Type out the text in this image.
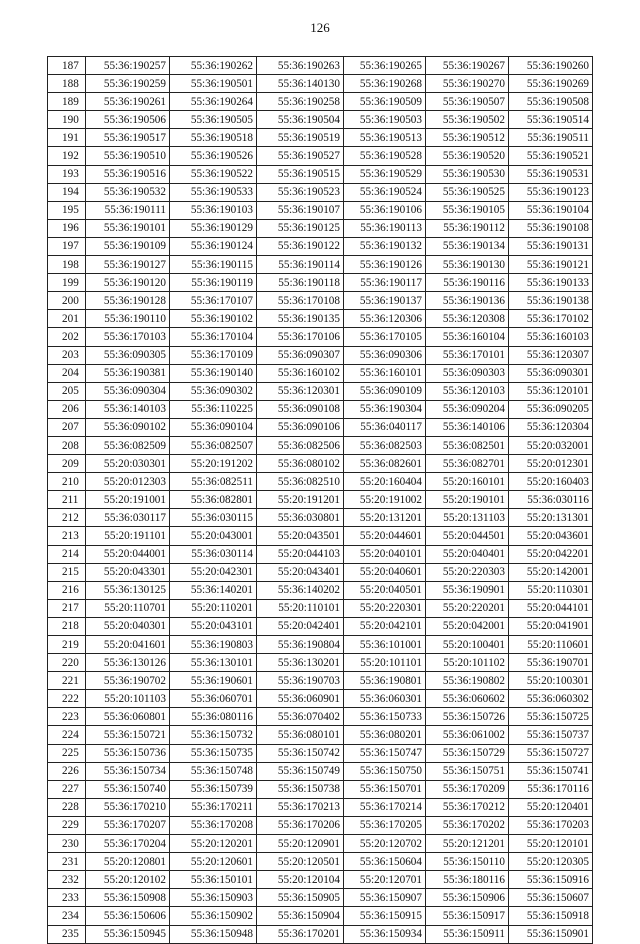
126
187	55:36:190257	55:36:190262	55:36:190263	55:36:190265	55:36:190267	55:36:190260
188	55:36:190259	55:36:190501	55:36:140130	55:36:190268	55:36:190270	55:36:190269
189	55:36:190261	55:36:190264	55:36:190258	55:36:190509	55:36:190507	55:36:190508
190	55:36:190506	55:36:190505	55:36:190504	55:36:190503	55:36:190502	55:36:190514
191	55:36:190517	55:36:190518	55:36:190519	55:36:190513	55:36:190512	55:36:190511
192	55:36:190510	55:36:190526	55:36:190527	55:36:190528	55:36:190520	55:36:190521
193	55:36:190516	55:36:190522	55:36:190515	55:36:190529	55:36:190530	55:36:190531
194	55:36:190532	55:36:190533	55:36:190523	55:36:190524	55:36:190525	55:36:190123
195	55:36:190111	55:36:190103	55:36:190107	55:36:190106	55:36:190105	55:36:190104
196	55:36:190101	55:36:190129	55:36:190125	55:36:190113	55:36:190112	55:36:190108
197	55:36:190109	55:36:190124	55:36:190122	55:36:190132	55:36:190134	55:36:190131
198	55:36:190127	55:36:190115	55:36:190114	55:36:190126	55:36:190130	55:36:190121
199	55:36:190120	55:36:190119	55:36:190118	55:36:190117	55:36:190116	55:36:190133
200	55:36:190128	55:36:170107	55:36:170108	55:36:190137	55:36:190136	55:36:190138
201	55:36:190110	55:36:190102	55:36:190135	55:36:120306	55:36:120308	55:36:170102
202	55:36:170103	55:36:170104	55:36:170106	55:36:170105	55:36:160104	55:36:160103
203	55:36:090305	55:36:170109	55:36:090307	55:36:090306	55:36:170101	55:36:120307
204	55:36:190381	55:36:190140	55:36:160102	55:36:160101	55:36:090303	55:36:090301
205	55:36:090304	55:36:090302	55:36:120301	55:36:090109	55:36:120103	55:36:120101
206	55:36:140103	55:36:110225	55:36:090108	55:36:190304	55:36:090204	55:36:090205
207	55:36:090102	55:36:090104	55:36:090106	55:36:040117	55:36:140106	55:36:120304
208	55:36:082509	55:36:082507	55:36:082506	55:36:082503	55:36:082501	55:20:032001
209	55:20:030301	55:20:191202	55:36:080102	55:36:082601	55:36:082701	55:20:012301
210	55:20:012303	55:36:082511	55:36:082510	55:20:160404	55:20:160101	55:20:160403
211	55:20:191001	55:36:082801	55:20:191201	55:20:191002	55:20:190101	55:36:030116
212	55:36:030117	55:36:030115	55:36:030801	55:20:131201	55:20:131103	55:20:131301
213	55:20:191101	55:20:043001	55:20:043501	55:20:044601	55:20:044501	55:20:043601
214	55:20:044001	55:36:030114	55:20:044103	55:20:040101	55:20:040401	55:20:042201
215	55:20:043301	55:20:042301	55:20:043401	55:20:040601	55:20:220303	55:20:142001
216	55:36:130125	55:36:140201	55:36:140202	55:20:040501	55:36:190901	55:20:110301
217	55:20:110701	55:20:110201	55:20:110101	55:20:220301	55:20:220201	55:20:044101
218	55:20:040301	55:20:043101	55:20:042401	55:20:042101	55:20:042001	55:20:041901
219	55:20:041601	55:36:190803	55:36:190804	55:36:101001	55:20:100401	55:20:110601
220	55:36:130126	55:36:130101	55:36:130201	55:20:101101	55:20:101102	55:36:190701
221	55:36:190702	55:36:190601	55:36:190703	55:36:190801	55:36:190802	55:20:100301
222	55:20:101103	55:36:060701	55:36:060901	55:36:060301	55:36:060602	55:36:060302
223	55:36:060801	55:36:080116	55:36:070402	55:36:150733	55:36:150726	55:36:150725
224	55:36:150721	55:36:150732	55:36:080101	55:36:080201	55:36:061002	55:36:150737
225	55:36:150736	55:36:150735	55:36:150742	55:36:150747	55:36:150729	55:36:150727
226	55:36:150734	55:36:150748	55:36:150749	55:36:150750	55:36:150751	55:36:150741
227	55:36:150740	55:36:150739	55:36:150738	55:36:150701	55:36:170209	55:36:170116
228	55:36:170210	55:36:170211	55:36:170213	55:36:170214	55:36:170212	55:20:120401
229	55:36:170207	55:36:170208	55:36:170206	55:36:170205	55:36:170202	55:36:170203
230	55:36:170204	55:20:120201	55:20:120901	55:20:120702	55:20:121201	55:20:120101
231	55:20:120801	55:20:120601	55:20:120501	55:36:150604	55:36:150110	55:20:120305
232	55:20:120102	55:36:150101	55:20:120104	55:20:120701	55:36:180116	55:36:150916
233	55:36:150908	55:36:150903	55:36:150905	55:36:150907	55:36:150906	55:36:150607
234	55:36:150606	55:36:150902	55:36:150904	55:36:150915	55:36:150917	55:36:150918
235	55:36:150945	55:36:150948	55:36:170201	55:36:150934	55:36:150911	55:36:150901
